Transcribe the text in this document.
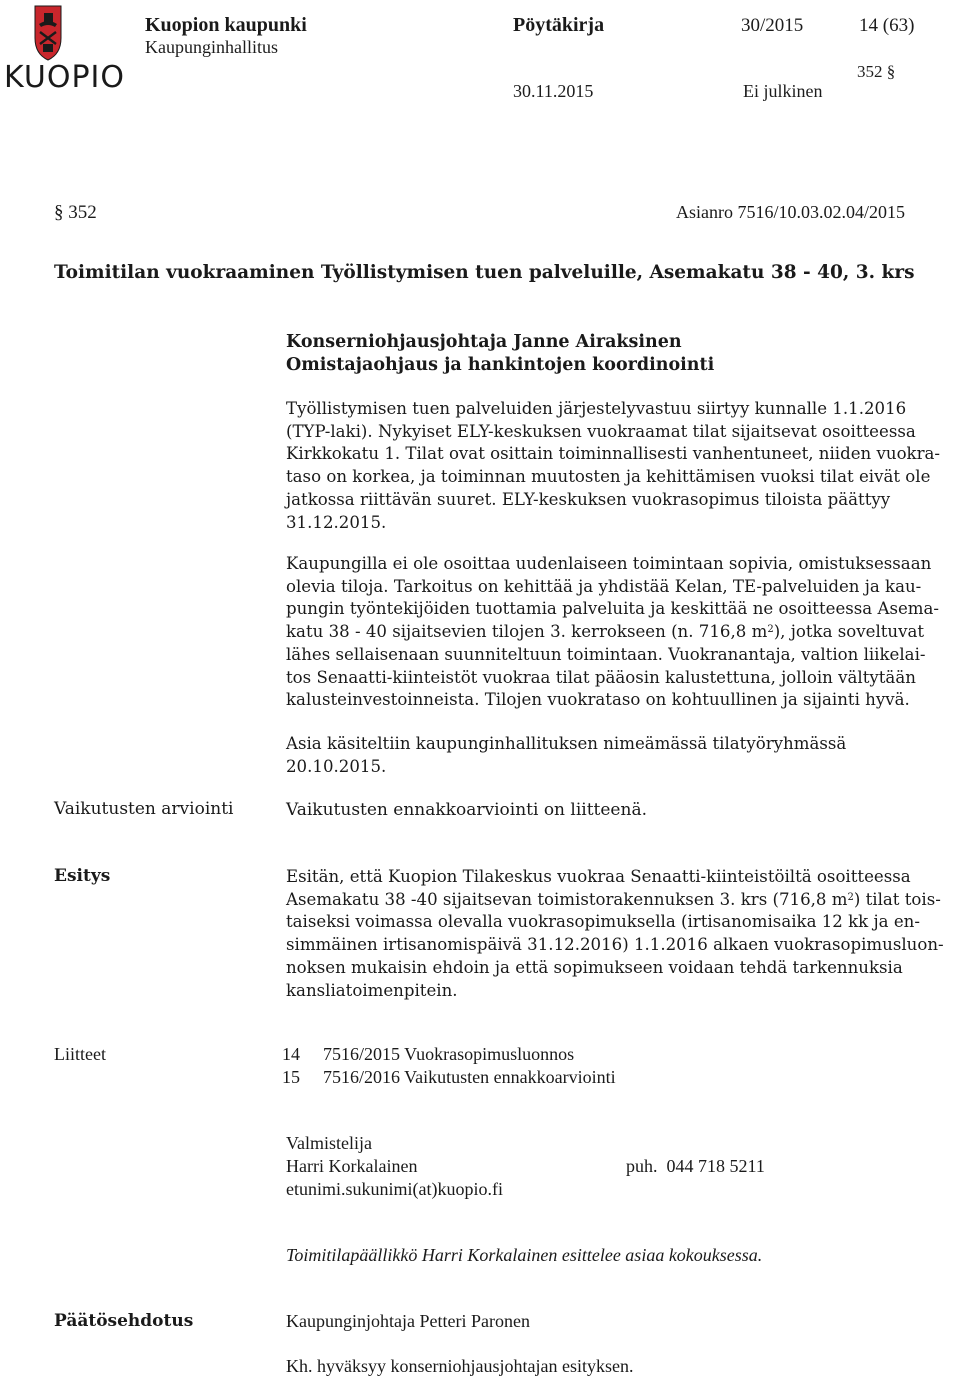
KUOPIO
Kuopion kaupunki
Kaupunginhallitus
Pöytäkirja	30/2015	14 (63)
352 §
30.11.2015	Ei julkinen
§ 352	Asianro 7516/10.03.02.04/2015
Toimitilan vuokraaminen Työllistymisen tuen palveluille, Asemakatu 38 - 40, 3. krs
Konserniohjausjohtaja Janne Airaksinen
Omistajaohjaus ja hankintojen koordinointi

Työllistymisen tuen palveluiden järjestelyvastuu siirtyy kunnalle 1.1.2016

(TYP-laki). Nykyiset ELY-keskuksen vuokraamat tilat sijaitsevat osoitteessa

Kirkkokatu 1. Tilat ovat osittain toiminnallisesti vanhentuneet, niiden vuokra-

taso on korkea, ja toiminnan muutosten ja kehittämisen vuoksi tilat eivät ole

jatkossa riittävän suuret. ELY-keskuksen vuokrasopimus tiloista päättyy

31.12.2015.

Kaupungilla ei ole osoittaa uudenlaiseen toimintaan sopivia, omistuksessaan

olevia tiloja. Tarkoitus on kehittää ja yhdistää Kelan, TE-palveluiden ja kau-

pungin työntekijöiden tuottamia palveluita ja keskittää ne osoitteessa Asema-

katu 38 - 40 sijaitsevien tilojen 3. kerrokseen (n. 716,8 $m^2$), jotka soveltuvat

lähes sellaisenaan suunniteltuun toimintaan. Vuokranantaja, valtion liikelai-

tos Senaatti-kiinteistöt vuokraa tilat pääosin kalustettuna, jolloin vältytään

kalusteinvestoinneista. Tilojen vuokrataso on kohtuullinen ja sijainti hyvä.

Asia käsiteltiin kaupunginhallituksen nimeämässä tilatyöryhmässä

20.10.2015.

Vaikutusten arviointi	Vaikutusten ennakkoarviointi on liitteenä.
Esitys	Esitän, että Kuopion Tilakeskus vuokraa Senaatti-kiinteistöiltä osoitteessa

Asemakatu 38 -40 sijaitsevan toimistorakennuksen 3. krs (716,8 $m^2$) tilat tois-

taiseksi voimassa olevalla vuokrasopimuksella (irtisanomisaika 12 kk ja en-

simmäinen irtisanomispäivä 31.12.2016) 1.1.2016 alkaen vuokrasopimusluon-

noksen mukaisin ehdoin ja että sopimukseen voidaan tehdä tarkennuksia

kansliatoimenpitein.

Liitteet	14 7516/2015 Vuokrasopimusluonnos
15 7516/2016 Vaikutusten ennakkoarviointi
Valmistelija
Harri Korkalainen	puh.  044 718 5211
etunimi.sukunimi(at)kuopio.fi
Toimitilapäällikkö Harri Korkalainen esittelee asiaa kokouksessa.
Päätösehdotus	Kaupunginjohtaja Petteri Paronen
Kh. hyväksyy konserniohjausjohtajan esityksen.
